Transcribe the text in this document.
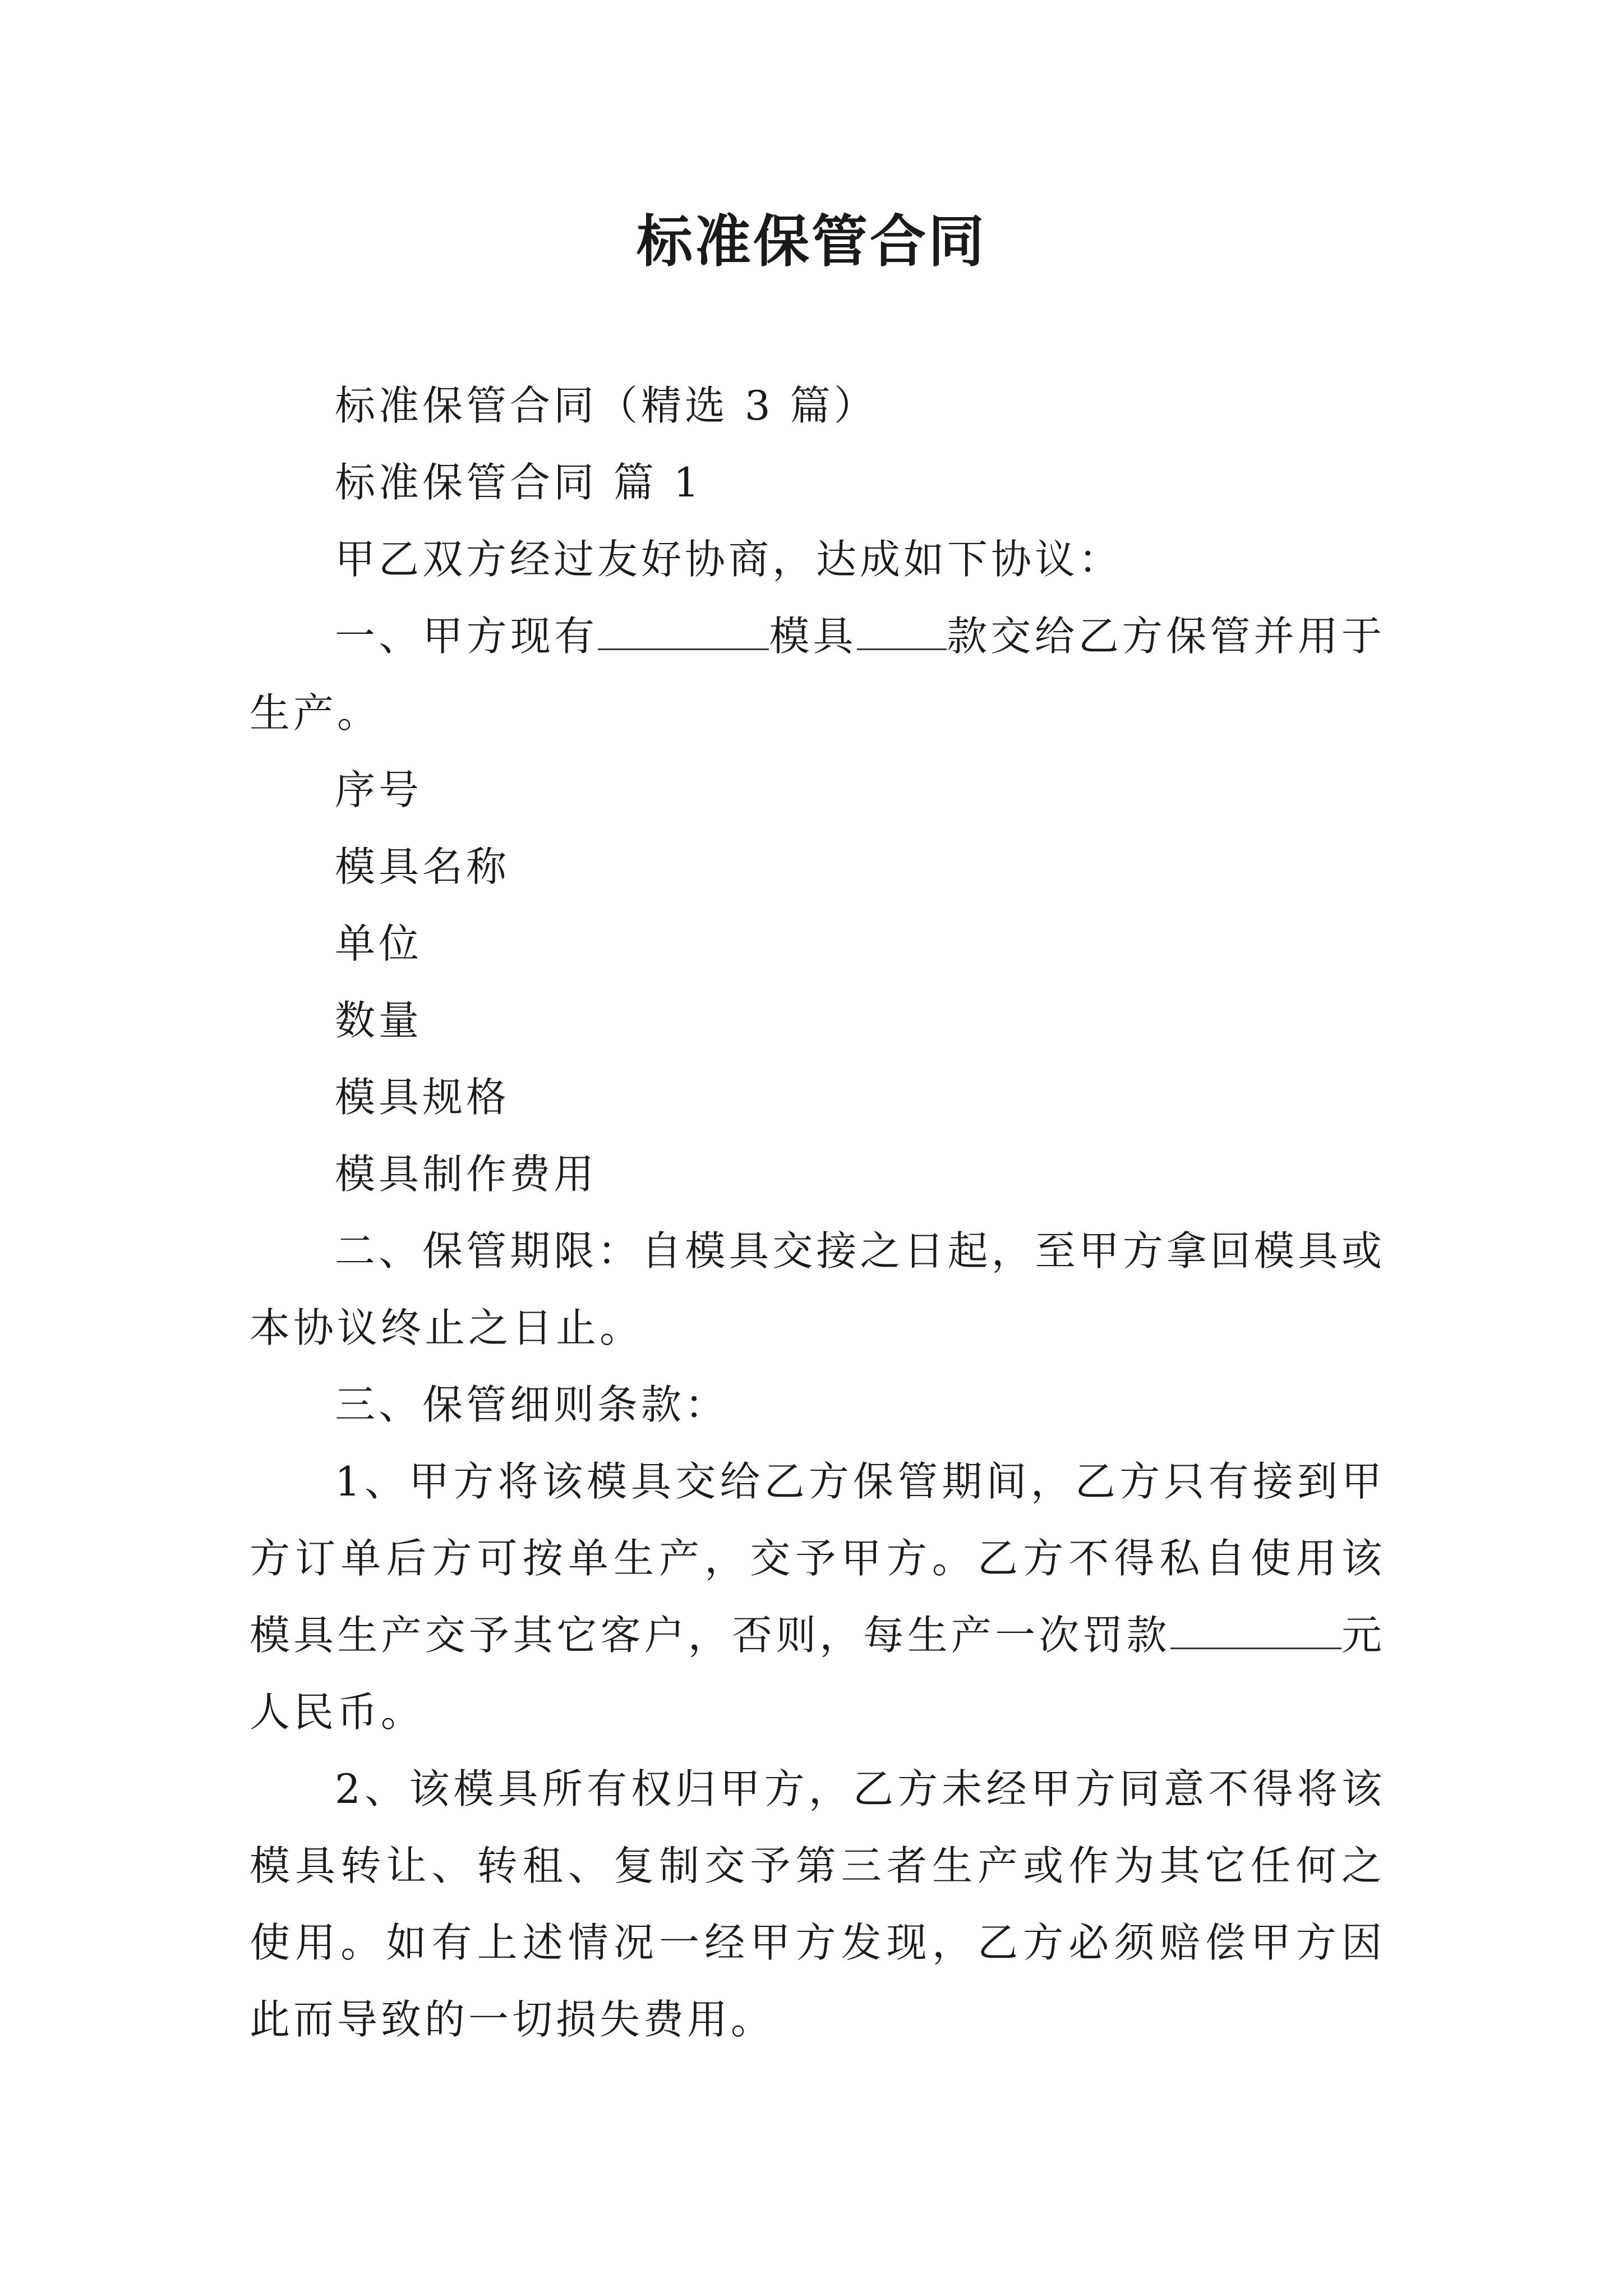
标准保管合同

标准保管合同（精选 3 篇）

标准保管合同 篇 1

甲乙双方经过友好协商，达成如下协议：

一、甲方现有	模具 款交给乙方保管并用于生产。

序号

模具名称

单位

数量

模具规格

模具制作费用

二、保管期限：自模具交接之日起，至甲方拿回模具或本协议终止之日止。

三、保管细则条款：

1、甲方将该模具交给乙方保管期间，乙方只有接到甲方订单后方可按单生产，交予甲方。乙方不得私自使用该模具生产交予其它客户，否则，每生产一次罚款	元人民币。

2、该模具所有权归甲方，乙方未经甲方同意不得将该模具转让、转租、复制交予第三者生产或作为其它任何之使用。如有上述情况一经甲方发现，乙方必须赔偿甲方因此而导致的一切损失费用。
